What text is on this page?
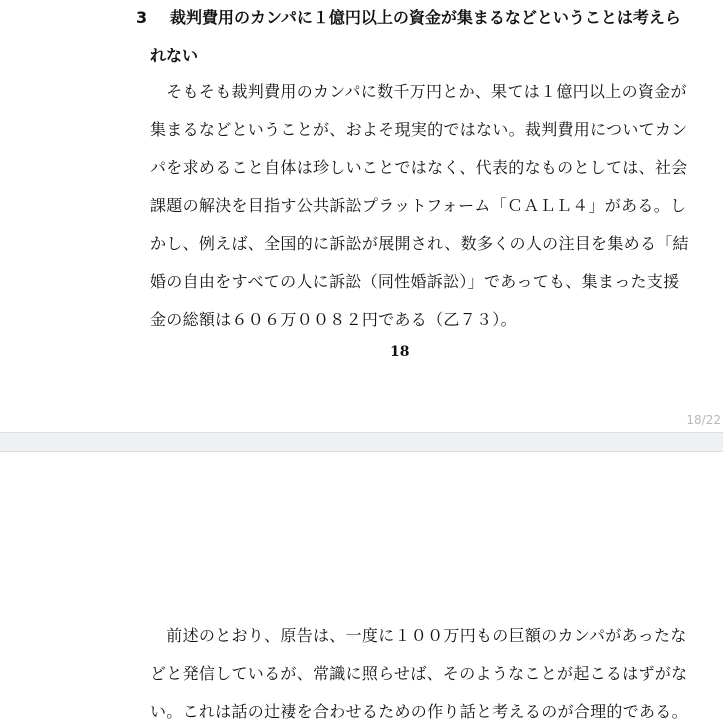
3 裁判費用のカンパに１億円以上の資金が集まるなどということは考えら
れない
　そもそも裁判費用のカンパに数千万円とか、果ては１億円以上の資金が
集まるなどということが、およそ現実的ではない。裁判費用についてカン
パを求めること自体は珍しいことではなく、代表的なものとしては、社会
課題の解決を目指す公共訴訟プラットフォーム「ＣＡＬＬ４」がある。し
かし、例えば、全国的に訴訟が展開され、数多くの人の注目を集める「結
婚の自由をすべての人に訴訟（同性婚訴訟）」であっても、集まった支援
金の総額は６０６万００８２円である（乙７３）。
18
18/22
　前述のとおり、原告は、一度に１００万円もの巨額のカンパがあったな
どと発信しているが、常識に照らせば、そのようなことが起こるはずがな
い。これは話の辻褄を合わせるための作り話と考えるのが合理的である。
